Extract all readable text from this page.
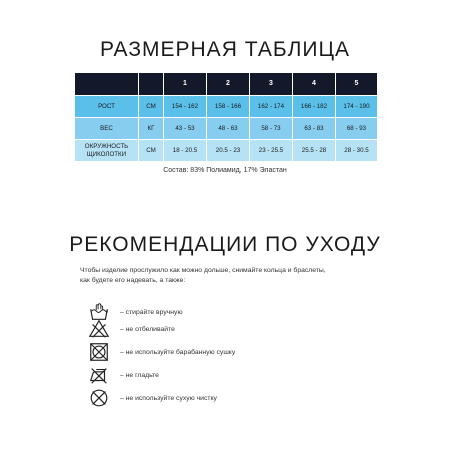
РАЗМЕРНАЯ ТАБЛИЦА
		1	2	3	4	5
РОСТ	СМ	154 - 162	158 - 166	162 - 174	166 - 182	174 - 190
ВЕС	КГ	43 - 53	48 - 63	58 - 73	63 - 83	68 - 93
ОКРУЖНОСТЬ ЩИКОЛОТКИ	СМ	18 - 20.5	20.5 - 23	23 - 25.5	25.5 - 28	28 - 30.5
Состав: 83% Полиамид, 17% Эластан
РЕКОМЕНДАЦИИ ПО УХОДУ
Чтобы изделие прослужило как можно дольше, снимайте кольца и браслеты,
как будете его надевать, а также:
– стирайте вручную
– не отбеливайте
– не используйте барабанную сушку
– не гладьте
– не используйте сухую чистку
